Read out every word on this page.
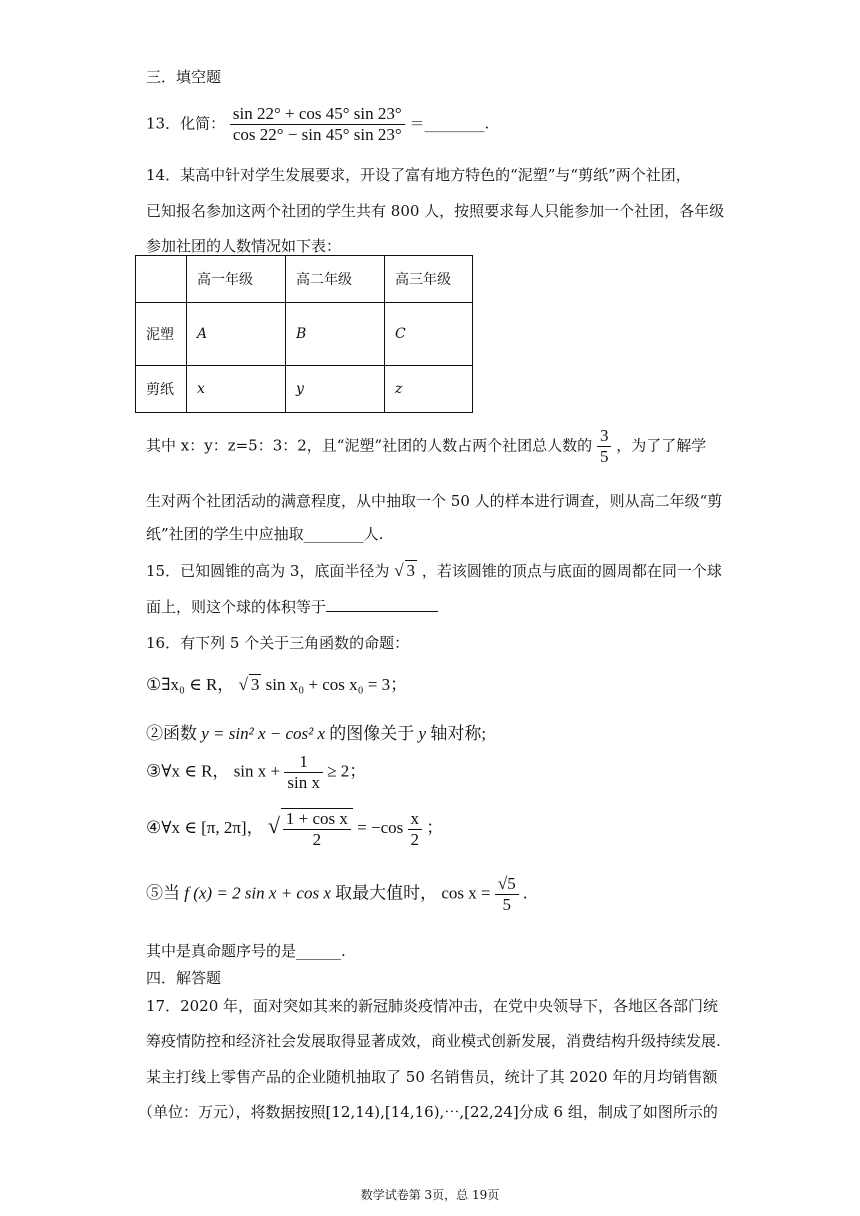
三．填空题
13．化简： $\frac{\sin 22^\circ + \cos 45^\circ \sin 23^\circ}{\cos 22^\circ - \sin 45^\circ \sin 23^\circ}$ ＝________.
14．某高中针对学生发展要求，开设了富有地方特色的“泥塑”与“剪纸”两个社团，
已知报名参加这两个社团的学生共有 800 人，按照要求每人只能参加一个社团，各年级
参加社团的人数情况如下表：
	高一年级	高二年级	高三年级
泥塑	A	B	C
剪纸	x	y	z
其中 x：y：z=5：3：2，且“泥塑”社团的人数占两个社团总人数的 $\frac{3}{5}$ ，为了了解学
生对两个社团活动的满意程度，从中抽取一个 50 人的样本进行调查，则从高二年级“剪
纸”社团的学生中应抽取________人.
15．已知圆锥的高为 3，底面半径为 √ 3 ，若该圆锥的顶点与底面的圆周都在同一个球
面上，则这个球的体积等于
16．有下列 5 个关于三角函数的命题：
①∃x₀ ∈ R， √ 3 sin x₀ + cos x₀ = 3；
②函数 y = sin² x − cos² x 的图像关于 y 轴对称;
③∀x ∈ R， $\sin x + \frac{1}{\text{sin x}} \ge 2$；
④∀x ∈ [π, 2π]， √ $\frac{\text{1 + cos x}}{2} = -\cos \frac{x}{2}$ ；
⑤当 f (x) = 2 sin x + cos x 取最大值时， $\cos x = \frac{√5}{5}$ .
其中是真命题序号的是______.
四．解答题
17．2020 年，面对突如其来的新冠肺炎疫情冲击，在党中央领导下，各地区各部门统
筹疫情防控和经济社会发展取得显著成效，商业模式创新发展，消费结构升级持续发展.
某主打线上零售产品的企业随机抽取了 50 名销售员，统计了其 2020 年的月均销售额
（单位：万元），将数据按照[12,14),[14,16),⋯,[22,24]分成 6 组，制成了如图所示的
数学试卷第 3页，总 19页
